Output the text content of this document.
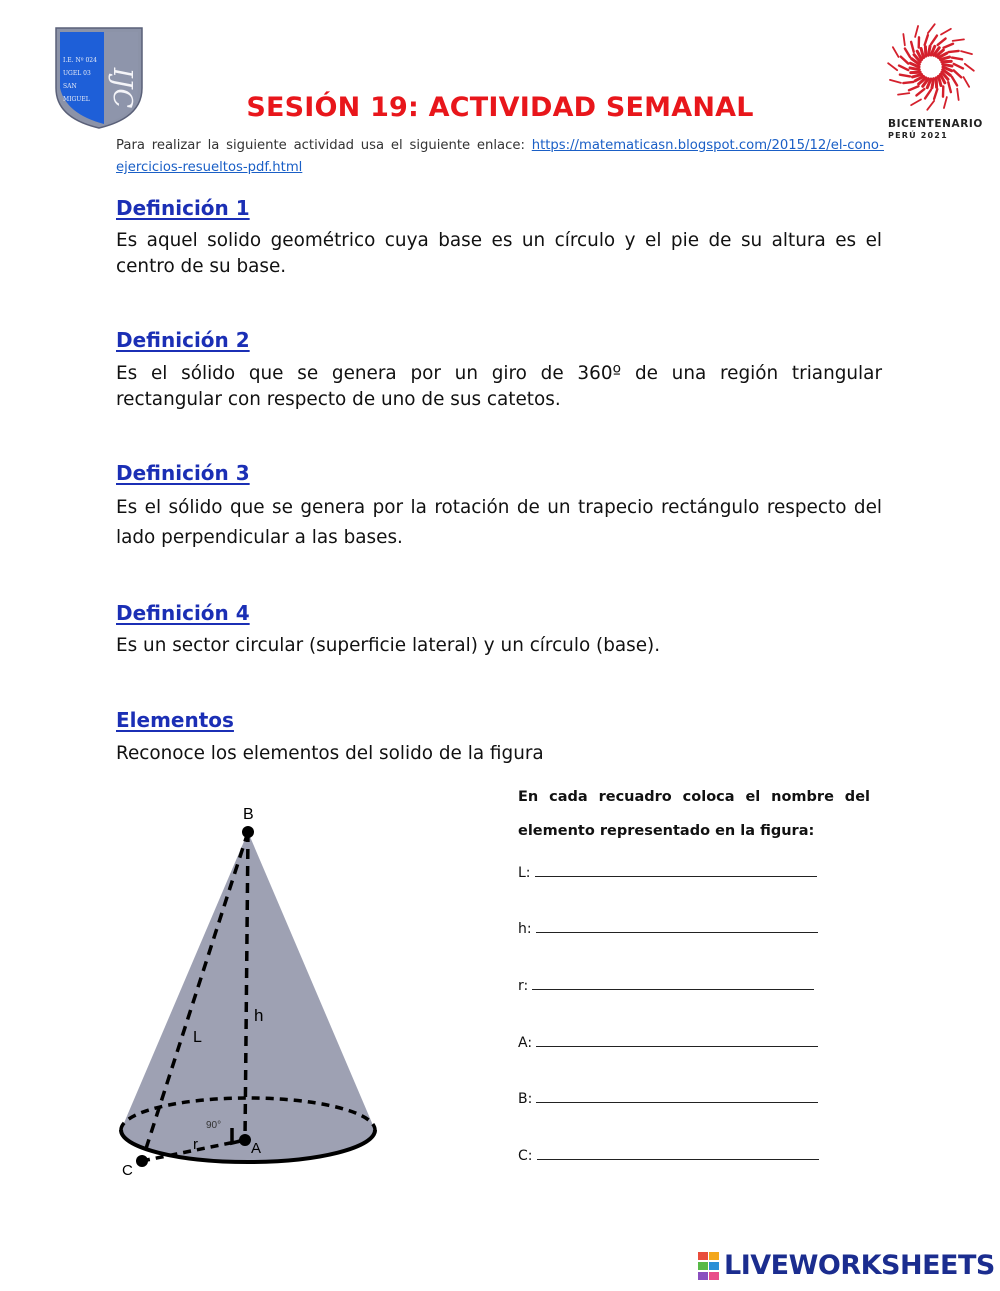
I.E. Nº 024
UGEL 03
SAN
MIGUEL IJC
BICENTENARIO
PERÚ 2021
SESIÓN 19: ACTIVIDAD SEMANAL
Para realizar la siguiente actividad usa el siguiente enlace: https://matematicasn.blogspot.com/2015/12/el-cono-ejercicios-resueltos-pdf.html
Definición 1
Es aquel solido geométrico cuya base es un círculo y el pie de su altura es el centro de su base.
Definición 2
Es el sólido que se genera por un giro de 360º de una región triangular rectangular con respecto de uno de sus catetos.
Definición 3
Es el sólido que se genera por la rotación de un trapecio rectángulo respecto del lado perpendicular a las bases.
Definición 4
Es un sector circular (superficie lateral) y un círculo (base).
Elementos
Reconoce los elementos del solido de la figura
B
L
h
r	A
C
90°
En cada recuadro coloca el nombre del elemento representado en la figura:
L:
h:
r:
A:
B:
C:
LIVEWORKSHEETS
